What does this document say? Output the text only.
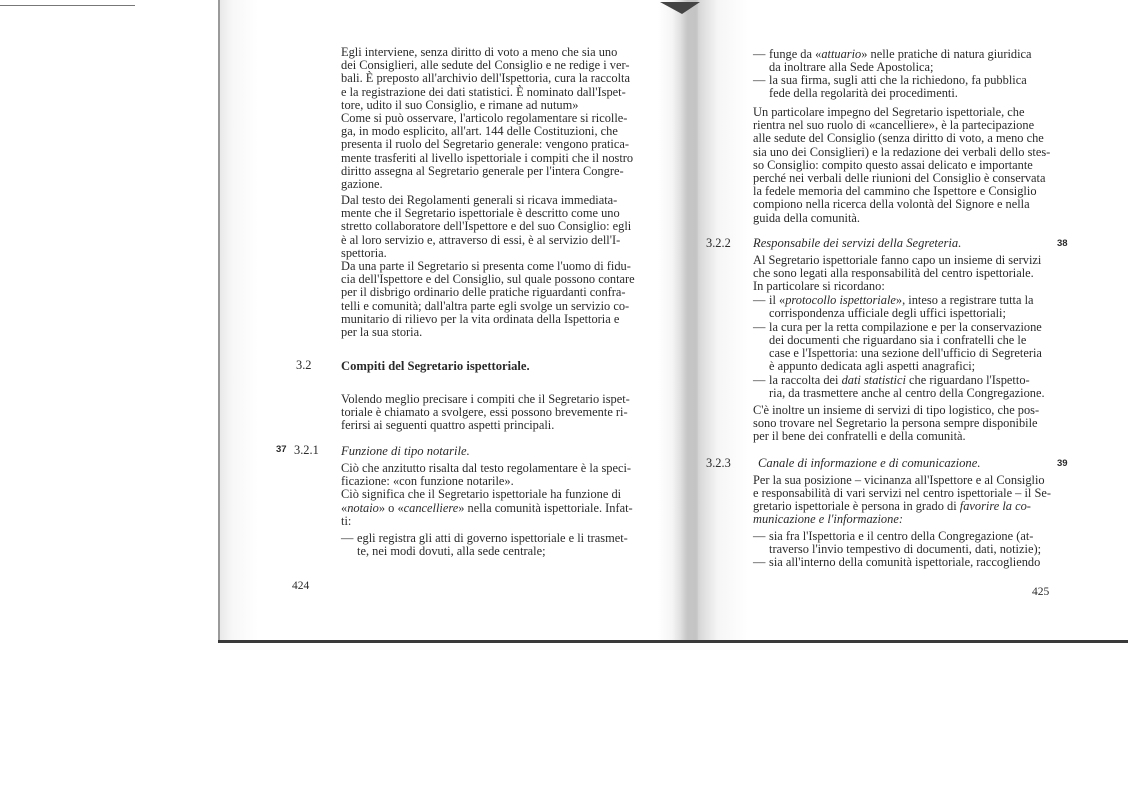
Egli interviene, senza diritto di voto a meno che sia uno
dei Consiglieri, alle sedute del Consiglio e ne redige i ver-
bali. È preposto all'archivio dell'Ispettoria, cura la raccolta
e la registrazione dei dati statistici. È nominato dall'Ispet-
tore, udito il suo Consiglio, e rimane ad nutum»
Come si può osservare, l'articolo regolamentare si ricolle-
ga, in modo esplicito, all'art. 144 delle Costituzioni, che
presenta il ruolo del Segretario generale: vengono pratica-
mente trasferiti al livello ispettoriale i compiti che il nostro
diritto assegna al Segretario generale per l'intera Congre-
gazione.
Dal testo dei Regolamenti generali si ricava immediata-
mente che il Segretario ispettoriale è descritto come uno
stretto collaboratore dell'Ispettore e del suo Consiglio: egli
è al loro servizio e, attraverso di essi, è al servizio dell'I-
spettoria.
Da una parte il Segretario si presenta come l'uomo di fidu-
cia dell'Ispettore e del Consiglio, sul quale possono contare
per il disbrigo ordinario delle pratiche riguardanti confra-
telli e comunità; dall'altra parte egli svolge un servizio co-
munitario di rilievo per la vita ordinata della Ispettoria e
per la sua storia.
3.2 Compiti del Segretario ispettoriale.
Volendo meglio precisare i compiti che il Segretario ispet-
toriale è chiamato a svolgere, essi possono brevemente ri-
ferirsi ai seguenti quattro aspetti principali.
37 3.2.1 Funzione di tipo notarile.
Ciò che anzitutto risalta dal testo regolamentare è la speci-
ficazione: «con funzione notarile».
Ciò significa che il Segretario ispettoriale ha funzione di
«notaio» o «cancelliere» nella comunità ispettoriale. Infat-
ti:
— egli registra gli atti di governo ispettoriale e li trasmet-
te, nei modi dovuti, alla sede centrale;
424
— funge da «attuario» nelle pratiche di natura giuridica
da inoltrare alla Sede Apostolica;
— la sua firma, sugli atti che la richiedono, fa pubblica
fede della regolarità dei procedimenti.
Un particolare impegno del Segretario ispettoriale, che
rientra nel suo ruolo di «cancelliere», è la partecipazione
alle sedute del Consiglio (senza diritto di voto, a meno che
sia uno dei Consiglieri) e la redazione dei verbali dello stes-
so Consiglio: compito questo assai delicato e importante
perché nei verbali delle riunioni del Consiglio è conservata
la fedele memoria del cammino che Ispettore e Consiglio
compiono nella ricerca della volontà del Signore e nella
guida della comunità.
3.2.2 Responsabile dei servizi della Segreteria.	38
Al Segretario ispettoriale fanno capo un insieme di servizi
che sono legati alla responsabilità del centro ispettoriale.
In particolare si ricordano:
— il «protocollo ispettoriale», inteso a registrare tutta la
corrispondenza ufficiale degli uffici ispettoriali;
— la cura per la retta compilazione e per la conservazione
dei documenti che riguardano sia i confratelli che le
case e l'Ispettoria: una sezione dell'ufficio di Segreteria
è appunto dedicata agli aspetti anagrafici;
— la raccolta dei dati statistici che riguardano l'Ispetto-
ria, da trasmettere anche al centro della Congregazione.
C'è inoltre un insieme di servizi di tipo logistico, che pos-
sono trovare nel Segretario la persona sempre disponibile
per il bene dei confratelli e della comunità.
3.2.3 Canale di informazione e di comunicazione.	39
Per la sua posizione – vicinanza all'Ispettore e al Consiglio
e responsabilità di vari servizi nel centro ispettoriale – il Se-
gretario ispettoriale è persona in grado di favorire la co-
municazione e l'informazione:
— sia fra l'Ispettoria e il centro della Congregazione (at-
traverso l'invio tempestivo di documenti, dati, notizie);
— sia all'interno della comunità ispettoriale, raccogliendo
425
